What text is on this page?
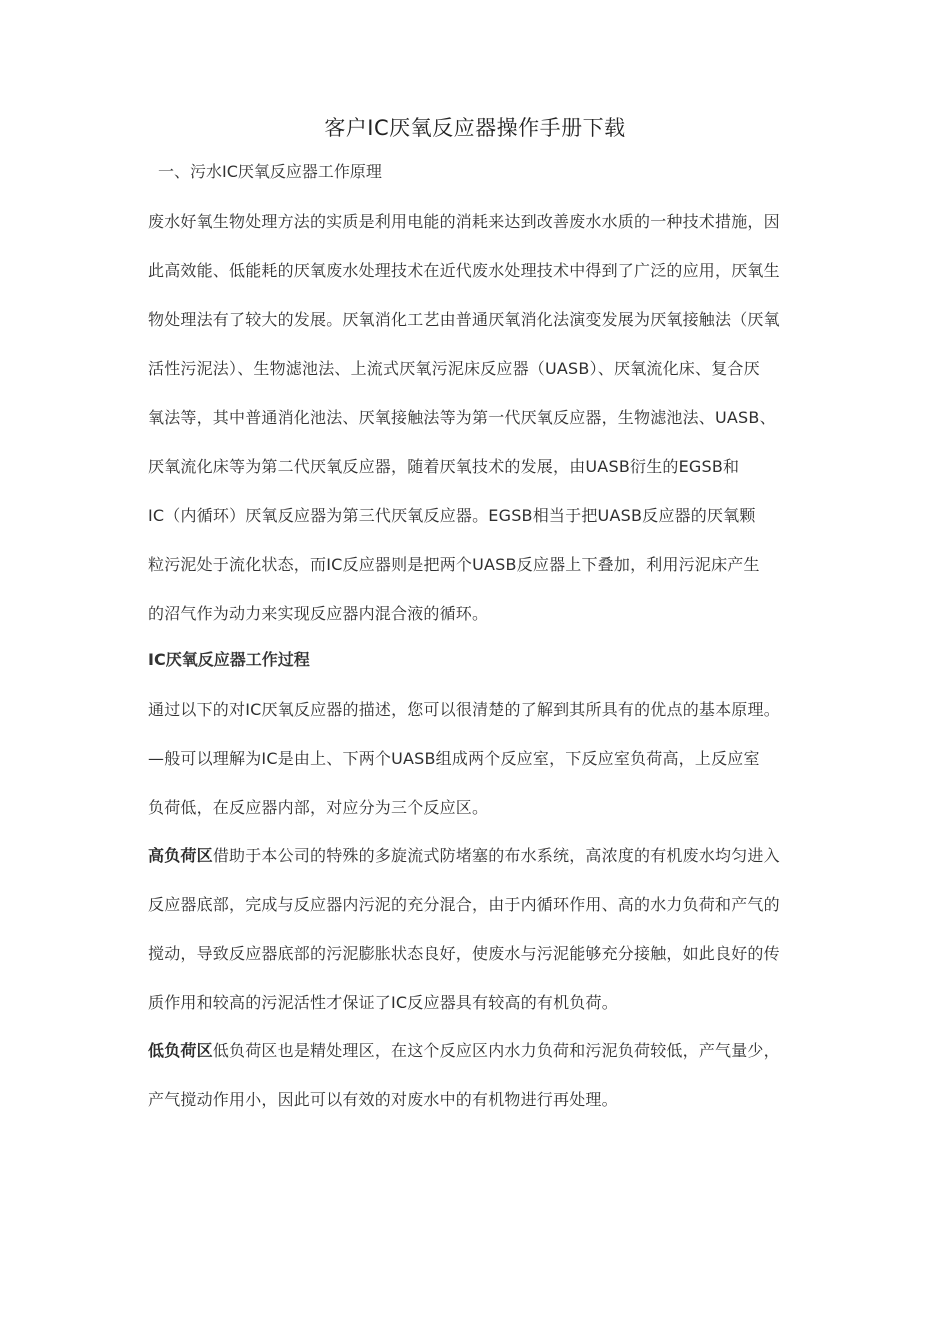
客户IC厌氧反应器操作手册下载
一、污水IC厌氧反应器工作原理
废水好氧生物处理方法的实质是利用电能的消耗来达到改善废水水质的一种技术措施，因
此高效能、低能耗的厌氧废水处理技术在近代废水处理技术中得到了广泛的应用，厌氧生
物处理法有了较大的发展。厌氧消化工艺由普通厌氧消化法演变发展为厌氧接触法（厌氧
活性污泥法）、生物滤池法、上流式厌氧污泥床反应器（UASB）、厌氧流化床、复合厌
氧法等，其中普通消化池法、厌氧接触法等为第一代厌氧反应器，生物滤池法、UASB、
厌氧流化床等为第二代厌氧反应器，随着厌氧技术的发展，由UASB衍生的EGSB和
IC（内循环）厌氧反应器为第三代厌氧反应器。EGSB相当于把UASB反应器的厌氧颗
粒污泥处于流化状态，而IC反应器则是把两个UASB反应器上下叠加，利用污泥床产生
的沼气作为动力来实现反应器内混合液的循环。
IC厌氧反应器工作过程
通过以下的对IC厌氧反应器的描述，您可以很清楚的了解到其所具有的优点的基本原理。
—般可以理解为IC是由上、下两个UASB组成两个反应室，下反应室负荷高，上反应室
负荷低，在反应器内部，对应分为三个反应区。
高负荷区借助于本公司的特殊的多旋流式防堵塞的布水系统，高浓度的有机废水均匀进入
反应器底部，完成与反应器内污泥的充分混合，由于内循环作用、高的水力负荷和产气的
搅动，导致反应器底部的污泥膨胀状态良好，使废水与污泥能够充分接触，如此良好的传
质作用和较高的污泥活性才保证了IC反应器具有较高的有机负荷。
低负荷区低负荷区也是精处理区，在这个反应区内水力负荷和污泥负荷较低，产气量少，
产气搅动作用小，因此可以有效的对废水中的有机物进行再处理。
